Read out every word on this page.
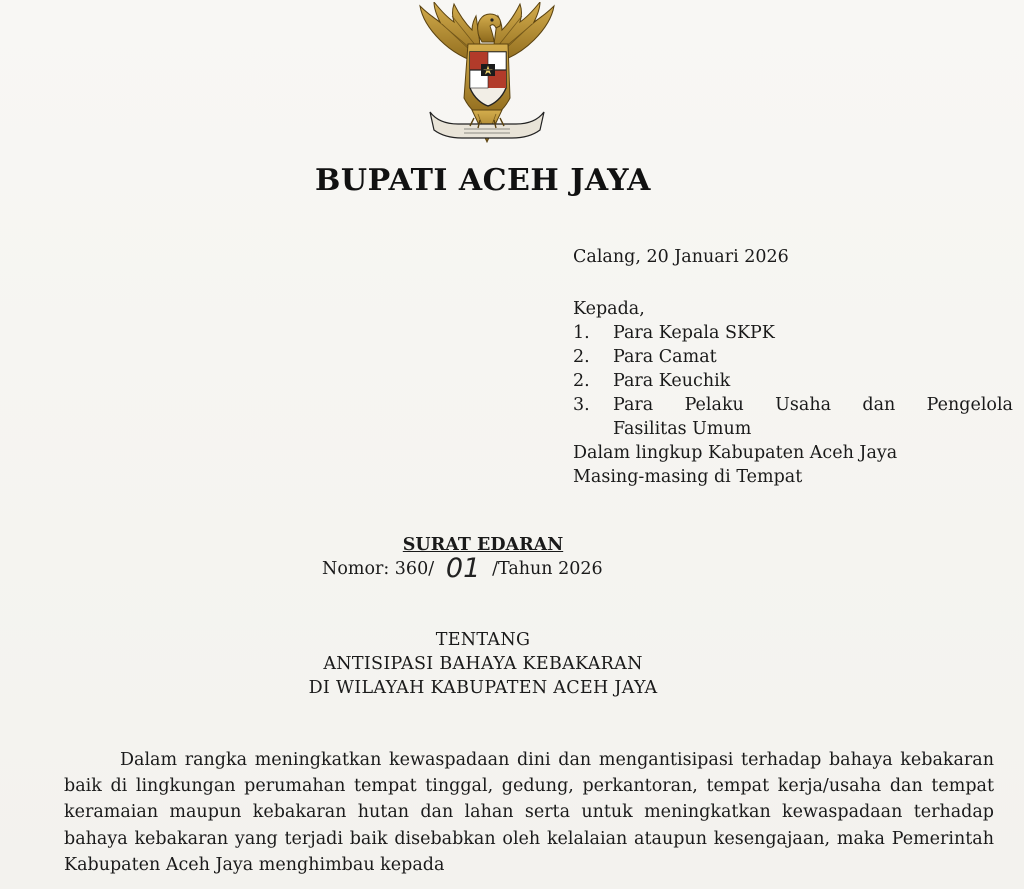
BUPATI ACEH JAYA

Calang, 20 Januari 2026

Kepada,
1.	Para Kepala SKPK
2.	Para Camat
2.	Para Keuchik
3.	Para Pelaku Usaha dan Pengelola
Fasilitas Umum
Dalam lingkup Kabupaten Aceh Jaya
Masing-masing di Tempat

SURAT EDARAN

Nomor: 360/ 01 /Tahun 2026

TENTANG
ANTISIPASI BAHAYA KEBAKARAN
DI WILAYAH KABUPATEN ACEH JAYA

Dalam rangka meningkatkan kewaspadaan dini dan mengantisipasi terhadap bahaya kebakaran baik di lingkungan perumahan tempat tinggal, gedung, perkantoran, tempat kerja/usaha dan tempat keramaian maupun kebakaran hutan dan lahan serta untuk meningkatkan kewaspadaan terhadap bahaya kebakaran yang terjadi baik disebabkan oleh kelalaian ataupun kesengajaan, maka Pemerintah Kabupaten Aceh Jaya menghimbau kepada
